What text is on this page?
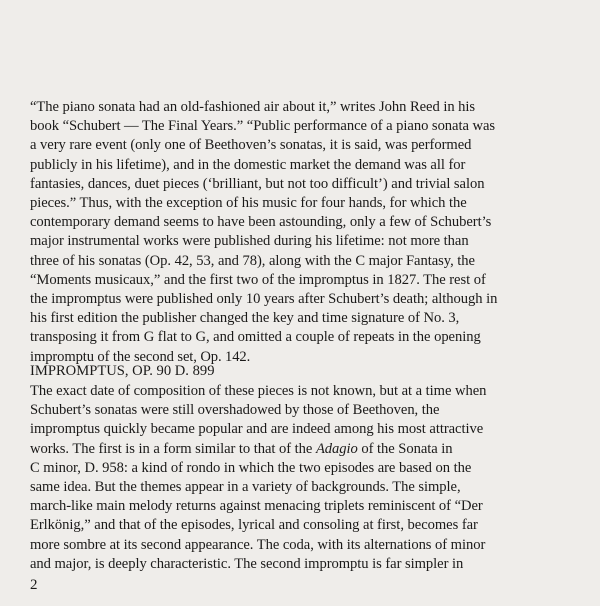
“The piano sonata had an old-fashioned air about it,” writes John Reed in his
book “Schubert — The Final Years.” “Public performance of a piano sonata was
a very rare event (only one of Beethoven’s sonatas, it is said, was performed
publicly in his lifetime), and in the domestic market the demand was all for
fantasies, dances, duet pieces (‘brilliant, but not too difficult’) and trivial salon
pieces.” Thus, with the exception of his music for four hands, for which the
contemporary demand seems to have been astounding, only a few of Schubert’s
major instrumental works were published during his lifetime: not more than
three of his sonatas (Op. 42, 53, and 78), along with the C major Fantasy, the
“Moments musicaux,” and the first two of the impromptus in 1827. The rest of
the impromptus were published only 10 years after Schubert’s death; although in
his first edition the publisher changed the key and time signature of No. 3,
transposing it from G flat to G, and omitted a couple of repeats in the opening
impromptu of the second set, Op. 142.
IMPROMPTUS, OP. 90 D. 899
The exact date of composition of these pieces is not known, but at a time when
Schubert’s sonatas were still overshadowed by those of Beethoven, the
impromptus quickly became popular and are indeed among his most attractive
works. The first is in a form similar to that of the Adagio of the Sonata in
C minor, D. 958: a kind of rondo in which the two episodes are based on the
same idea. But the themes appear in a variety of backgrounds. The simple,
march-like main melody returns against menacing triplets reminiscent of “Der
Erlkönig,” and that of the episodes, lyrical and consoling at first, becomes far
more sombre at its second appearance. The coda, with its alternations of minor
and major, is deeply characteristic. The second impromptu is far simpler in
2
